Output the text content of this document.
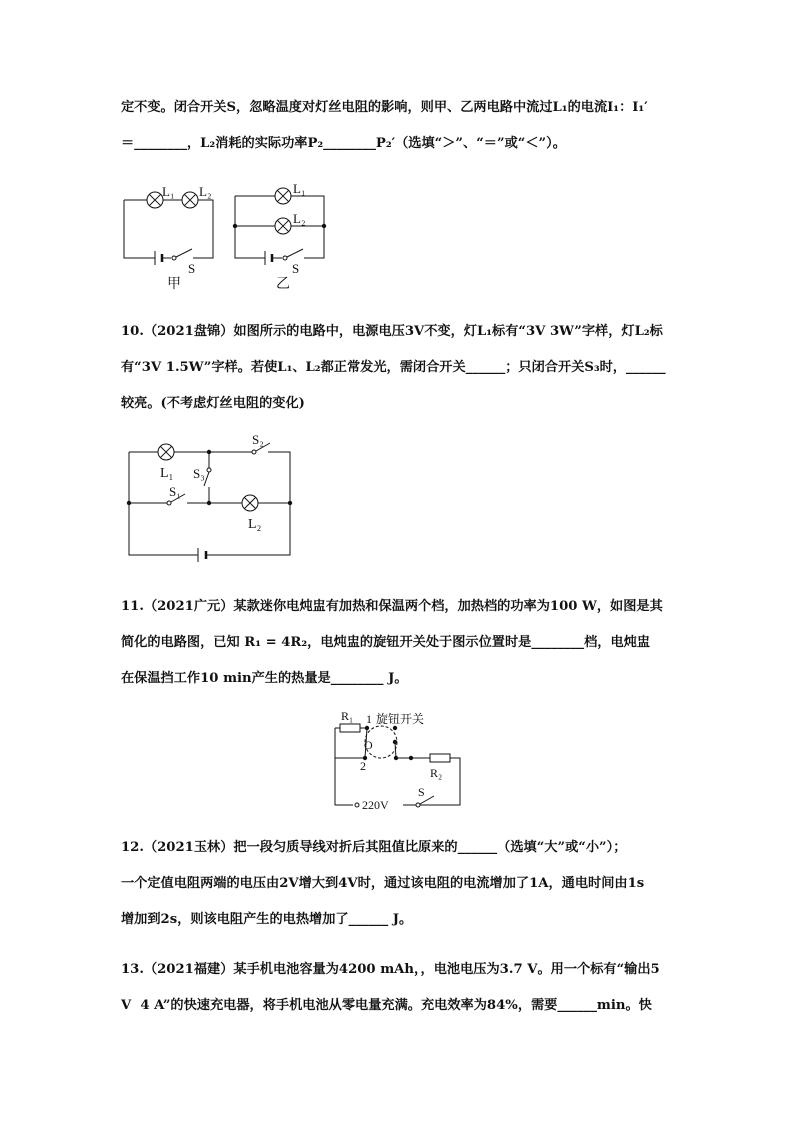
定不变。闭合开关S，忽略温度对灯丝电阻的影响，则甲、乙两电路中流过L₁的电流I₁：I₁′
＝________，L₂消耗的实际功率P₂________P₂′（选填“＞”、“＝”或“＜”）。
L₁ L₂
S
甲
L₁
L₂
S
乙
10.（2021盘锦）如图所示的电路中，电源电压3V不变，灯L₁标有“3V 3W”字样，灯L₂标
有“3V 1.5W”字样。若使L₁、L₂都正常发光，需闭合开关______；只闭合开关S₃时，______
较亮。(不考虑灯丝电阻的变化)
S₂
L₁ S₃
S₁
L₂
11.（2021广元）某款迷你电炖盅有加热和保温两个档，加热档的功率为100 W，如图是其
简化的电路图，已知 R₁ = 4R₂，电炖盅的旋钮开关处于图示位置时是________档，电炖盅
在保温挡工作10 min产生的热量是________ J。
R₁ 1 旋钮开关
O
2	R₂
220V
S
12.（2021玉林）把一段匀质导线对折后其阻值比原来的______（选填“大”或“小”）；
一个定值电阻两端的电压由2V增大到4V时，通过该电阻的电流增加了1A，通电时间由1s
增加到2s，则该电阻产生的电热增加了______ J。
13.（2021福建）某手机电池容量为4200 mAh，，电池电压为3.7 V。用一个标有“输出5
V  4 A”的快速充电器，将手机电池从零电量充满。充电效率为84%，需要______min。快
